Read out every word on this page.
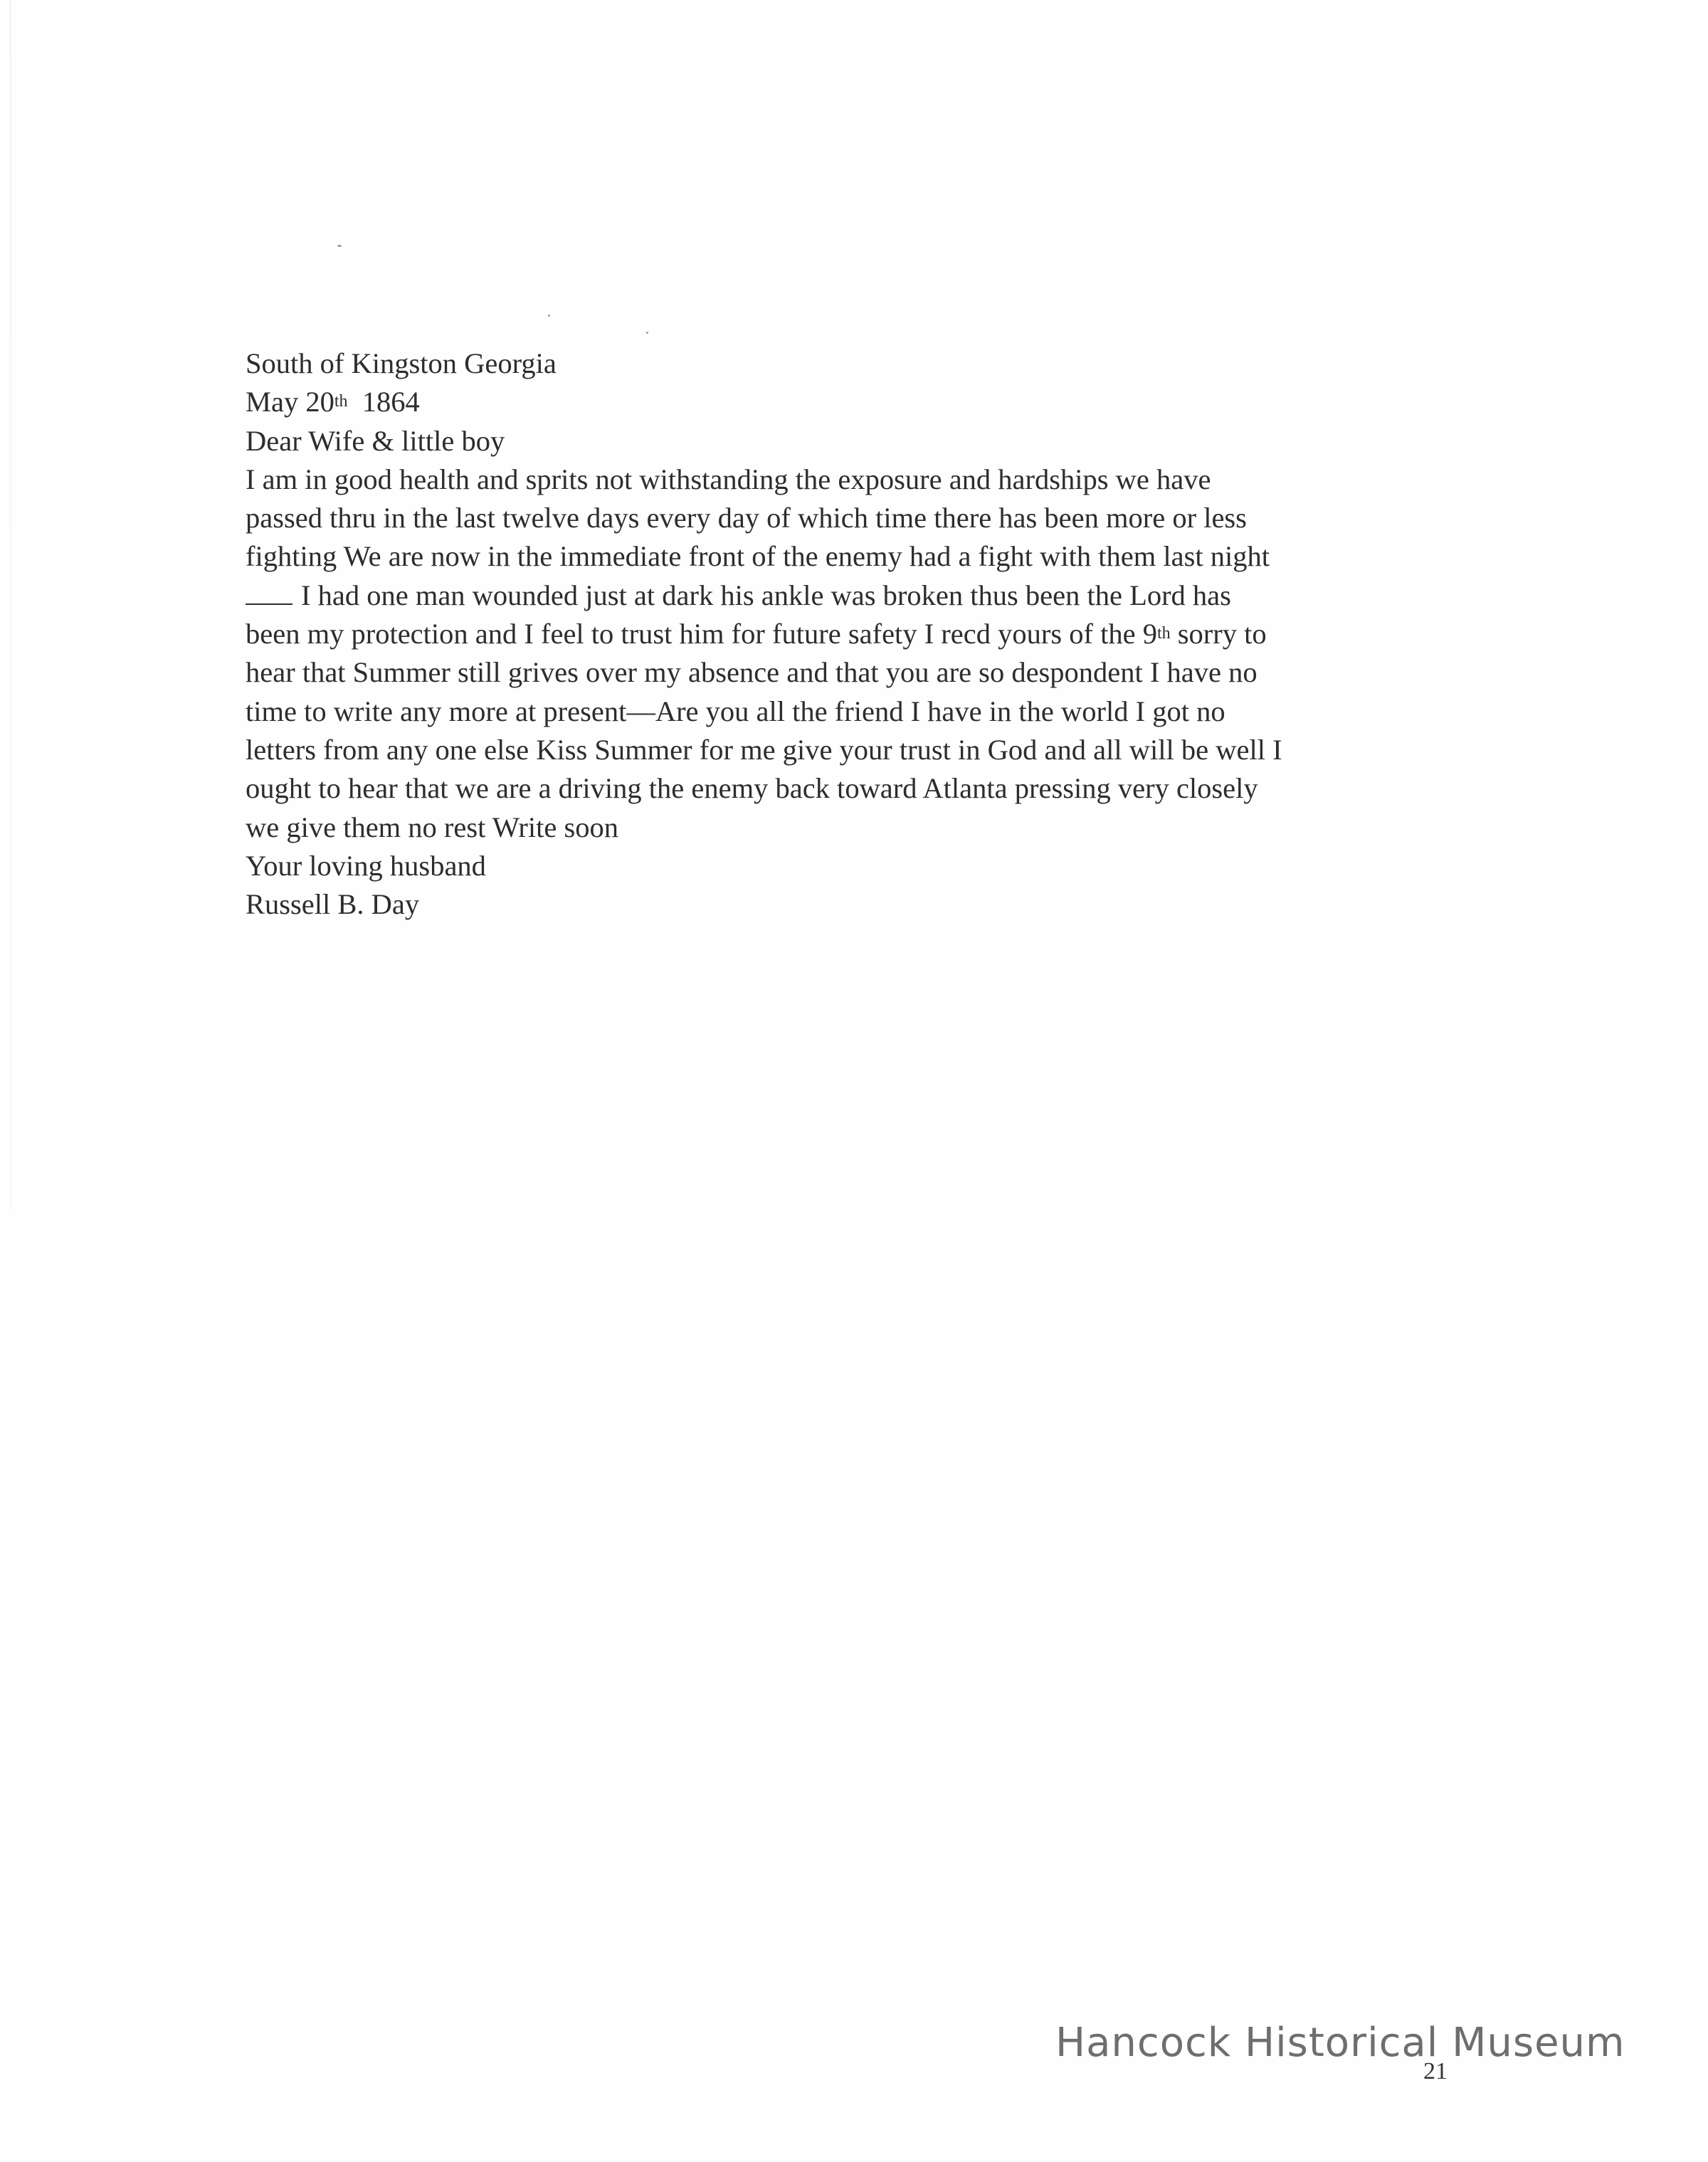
South of Kingston Georgia
May 20th 1864
Dear Wife & little boy
I am in good health and sprits not withstanding the exposure and hardships we have
passed thru in the last twelve days every day of which time there has been more or less
fighting We are now in the immediate front of the enemy had a fight with them last night
I had one man wounded just at dark his ankle was broken thus been the Lord has
been my protection and I feel to trust him for future safety I recd yours of the 9th sorry to
hear that Summer still grives over my absence and that you are so despondent I have no
time to write any more at present—Are you all the friend I have in the world I got no
letters from any one else Kiss Summer for me give your trust in God and all will be well I
ought to hear that we are a driving the enemy back toward Atlanta pressing very closely
we give them no rest Write soon
Your loving husband
Russell B. Day
Hancock Historical Museum
21
